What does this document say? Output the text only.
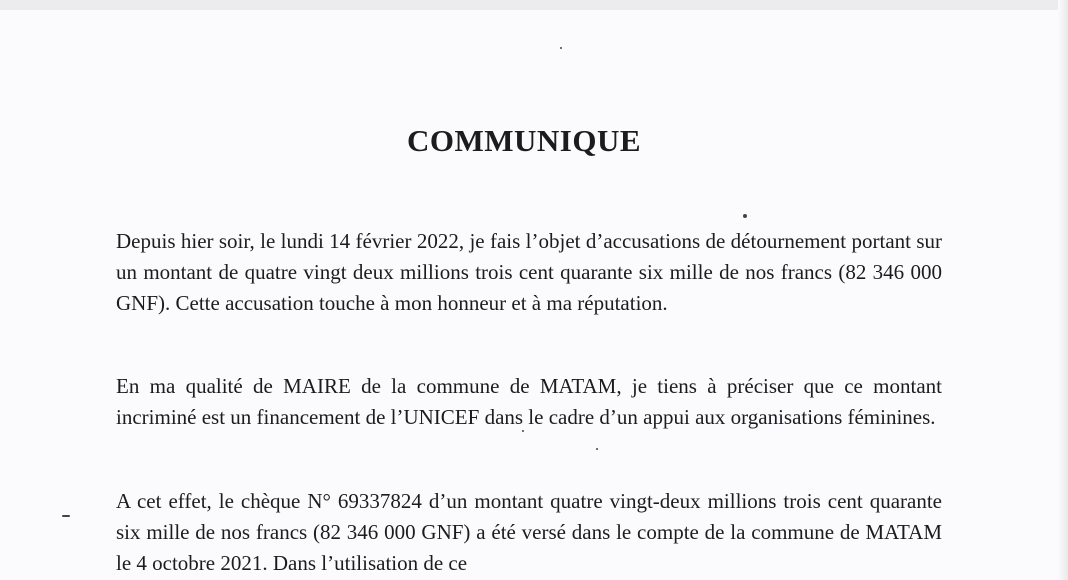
COMMUNIQUE

Depuis hier soir, le lundi 14 février 2022, je fais l’objet d’accusations de détournement portant sur un montant de quatre vingt deux millions trois cent quarante six mille de nos francs (82 346 000 GNF). Cette accusation touche à mon honneur et à ma réputation.

En ma qualité de MAIRE de la commune de MATAM, je tiens à préciser que ce montant incriminé est un financement de l’UNICEF dans le cadre d’un appui aux organisations féminines.

A cet effet, le chèque N° 69337824 d’un montant quatre vingt-deux millions trois cent quarante six mille de nos francs (82 346 000 GNF) a été versé dans le compte de la commune de MATAM le 4 octobre 2021. Dans l’utilisation de ce
